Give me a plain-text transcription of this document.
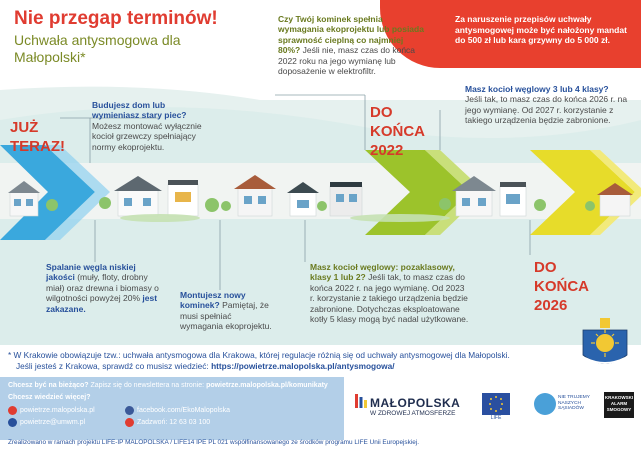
Nie przegap terminów!
Uchwała antysmogowa dla Małopolski*
Za naruszenie przepisów uchwały antysmogowej może być nałożony mandat do 500 zł lub kara grzywny do 5 000 zł.
Czy Twój kominek spełnia wymagania ekoprojektu lub posiada sprawność cieplną co najmniej 80%? Jeśli nie, masz czas do końca 2022 roku na jego wymianę lub doposażenie w elektrofiltr.
Budujesz dom lub wymieniasz stary piec?
Możesz montować wyłącznie kocioł grzewczy spełniający normy ekoprojektu.
JUŻ TERAZ!
DO KOŃCA 2022
Masz kocioł węglowy 3 lub 4 klasy?
Jeśli tak, to masz czas do końca 2026 r. na jego wymianę. Od 2027 r. korzystanie z takiego urządzenia będzie zabronione.
Spalanie węgla niskiej jakości (muły, floty, drobny miał) oraz drewna i biomasy o wilgotności powyżej 20% jest zakazane.
Montujesz nowy kominek? Pamiętaj, że musi spełniać wymagania ekoprojektu.
Masz kocioł węglowy: pozaklasowy, klasy 1 lub 2? Jeśli tak, to masz czas do końca 2022 r. na jego wymianę. Od 2023 r. korzystanie z takiego urządzenia będzie zabronione. Dotychczas eksploatowane kotły 5 klasy mogą być nadal użytkowane.
DO KOŃCA 2026
* W Krakowie obowiązuje tzw.: uchwała antysmogowa dla Krakowa, której regulacje różnią się od uchwały antysmogowej dla Małopolski.
Jeśli jesteś z Krakowa, sprawdź co musisz wiedzieć: https://powietrze.malopolska.pl/antysmogowa/
Chcesz być na bieżąco? Zapisz się do newslettera na stronie: powietrze.malopolska.pl/komunikaty
Chcesz wiedzieć więcej?
powietrze.malopolska.pl
powietrze@umwm.pl
facebook.com/EkoMalopolska
Zadzwoń: 12 63 03 100
MAŁOPOLSKA
W ZDROWEJ ATMOSFERZE
LIFE
NIE TRUJEMY NASZYCH SĄSIADÓW
KRAKOWSKI ALARM SMOGOWY
Zrealizowano w ramach projektu LIFE-IP MALOPOLSKA / LIFE14 IPE PL 021 współfinansowanego ze środków programu LIFE Unii Europejskiej.
